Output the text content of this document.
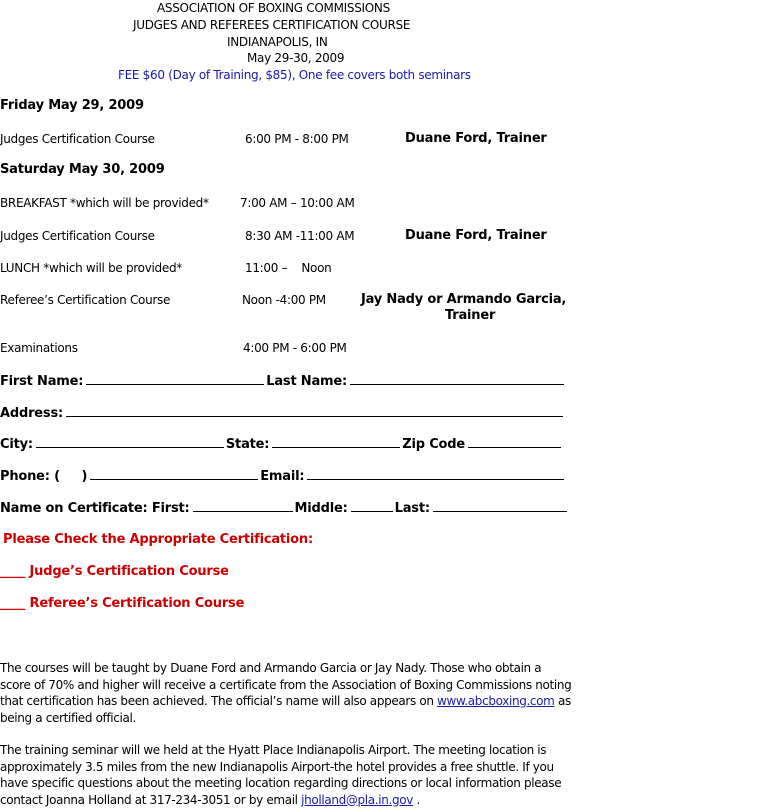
ASSOCIATION OF BOXING COMMISSIONS
JUDGES AND REFEREES CERTIFICATION COURSE
INDIANAPOLIS, IN
May 29-30, 2009
FEE $60 (Day of Training, $85), One fee covers both seminars
Friday May 29, 2009
Judges Certification Course	6:00 PM - 8:00 PM	Duane Ford, Trainer
Saturday May 30, 2009
BREAKFAST *which will be provided*	7:00 AM – 10:00 AM
Judges Certification Course	8:30 AM -11:00 AM	Duane Ford, Trainer
LUNCH *which will be provided*	11:00 –    Noon
Referee’s Certification Course	Noon -4:00 PM	Jay Nady or Armando Garcia,
Trainer
Examinations	4:00 PM - 6:00 PM
First Name:	Last Name:
Address:
City:	State:	Zip Code
Phone: (     )	Email:
Name on Certificate: First:	Middle:	Last:
Please Check the Appropriate Certification:
____ Judge’s Certification Course
____ Referee’s Certification Course
The courses will be taught by Duane Ford and Armando Garcia or Jay Nady. Those who obtain a score of 70% and higher will receive a certificate from the Association of Boxing Commissions noting that certification has been achieved. The official’s name will also appears on www.abcboxing.com as being a certified official.
The training seminar will we held at the Hyatt Place Indianapolis Airport. The meeting location is approximately 3.5 miles from the new Indianapolis Airport-the hotel provides a free shuttle. If you have specific questions about the meeting location regarding directions or local information please contact Joanna Holland at 317-234-3051 or by email jholland@pla.in.gov .
